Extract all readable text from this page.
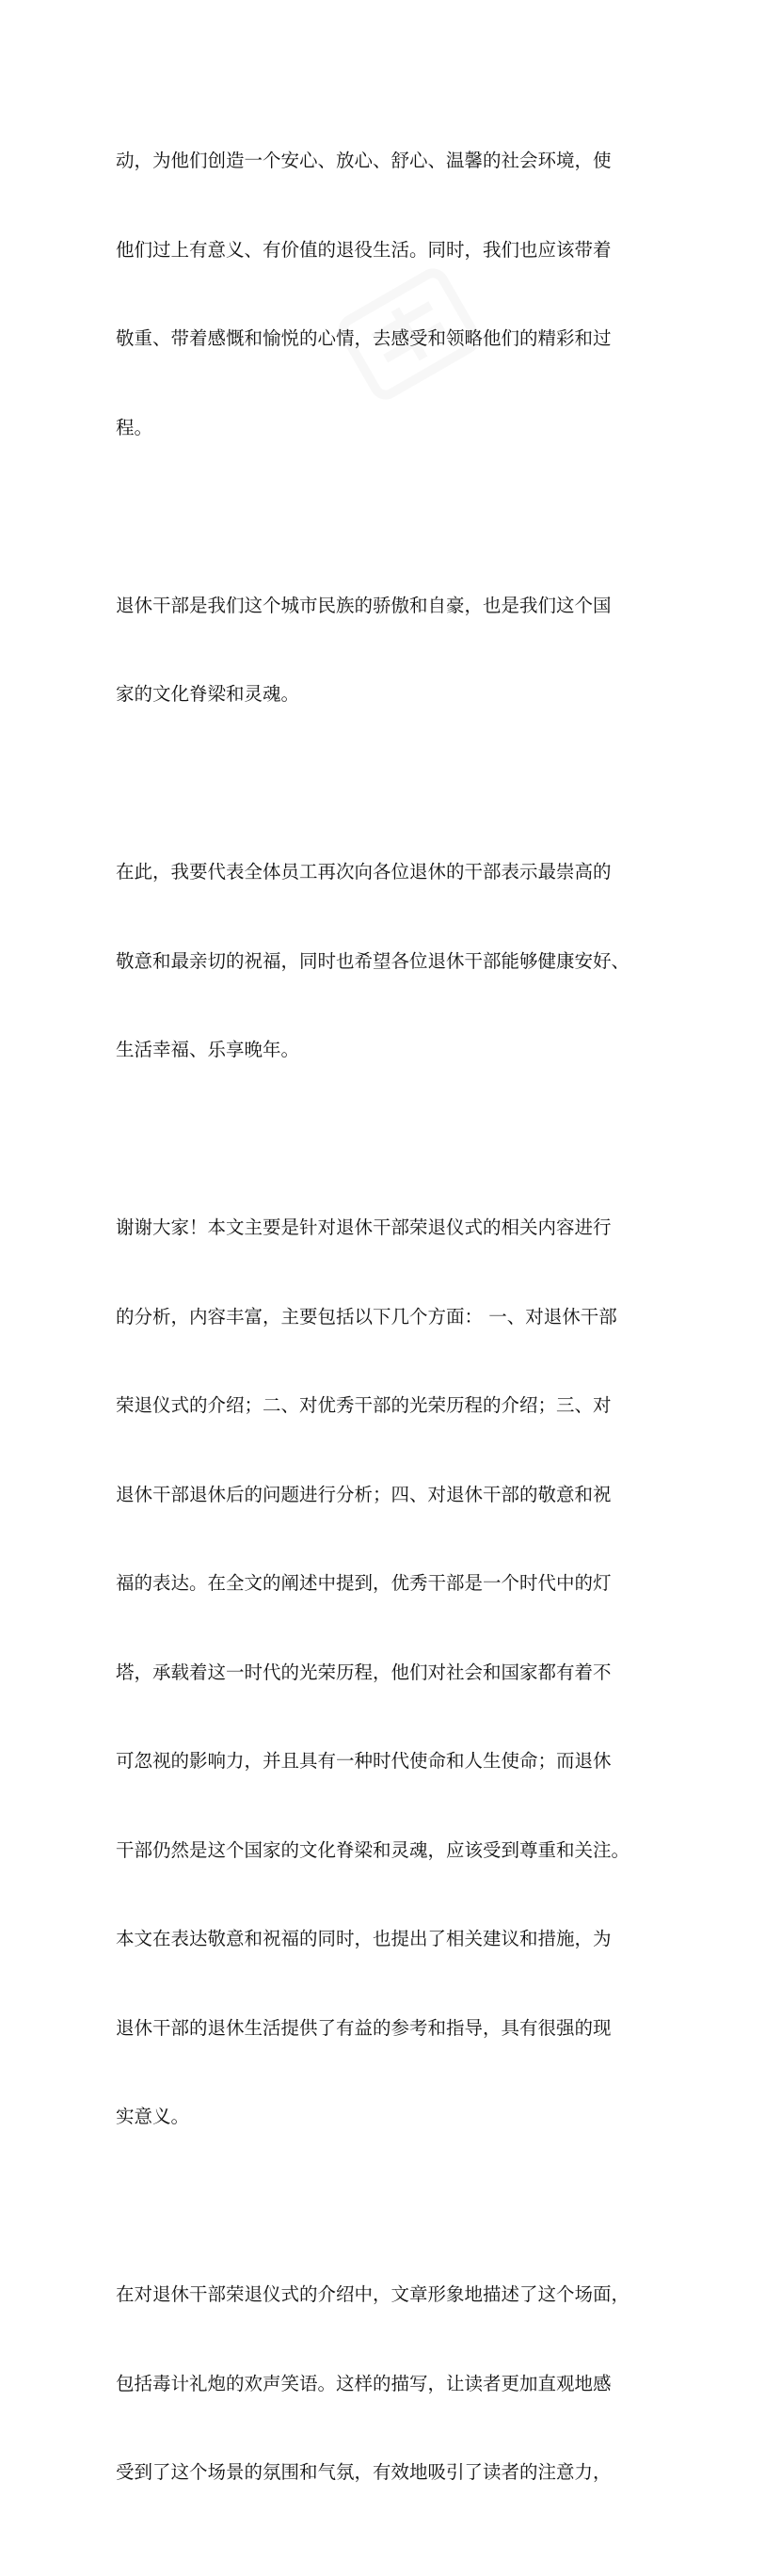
动，为他们创造一个安心、放心、舒心、温馨的社会环境，使

他们过上有意义、有价值的退役生活。同时，我们也应该带着

敬重、带着感慨和愉悦的心情，去感受和领略他们的精彩和过

程。

退休干部是我们这个城市民族的骄傲和自豪，也是我们这个国

家的文化脊梁和灵魂。

在此，我要代表全体员工再次向各位退休的干部表示最崇高的

敬意和最亲切的祝福，同时也希望各位退休干部能够健康安好、

生活幸福、乐享晚年。

谢谢大家！本文主要是针对退休干部荣退仪式的相关内容进行

的分析，内容丰富，主要包括以下几个方面： 一、对退休干部

荣退仪式的介绍；二、对优秀干部的光荣历程的介绍；三、对

退休干部退休后的问题进行分析；四、对退休干部的敬意和祝

福的表达。在全文的阐述中提到，优秀干部是一个时代中的灯

塔，承载着这一时代的光荣历程，他们对社会和国家都有着不

可忽视的影响力，并且具有一种时代使命和人生使命；而退休

干部仍然是这个国家的文化脊梁和灵魂，应该受到尊重和关注。

本文在表达敬意和祝福的同时，也提出了相关建议和措施，为

退休干部的退休生活提供了有益的参考和指导，具有很强的现

实意义。

在对退休干部荣退仪式的介绍中，文章形象地描述了这个场面，

包括毒计礼炮的欢声笑语。这样的描写，让读者更加直观地感

受到了这个场景的氛围和气氛，有效地吸引了读者的注意力，
